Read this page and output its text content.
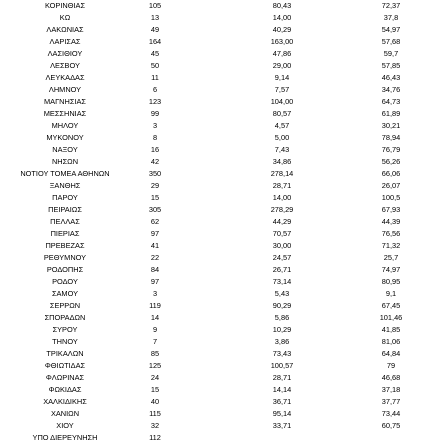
ΚΟΡΙΝΘΙΑΣ	105	80,43	72,37
ΚΩ	13	14,00	37,8
ΛΑΚΩΝΙΑΣ	49	40,29	54,97
ΛΑΡΙΣΑΣ	164	163,00	57,68
ΛΑΣΙΘΙΟΥ	45	47,86	59,7
ΛΕΣΒΟΥ	50	29,00	57,85
ΛΕΥΚΑΔΑΣ	11	9,14	46,43
ΛΗΜΝΟΥ	6	7,57	34,76
ΜΑΓΝΗΣΙΑΣ	123	104,00	64,73
ΜΕΣΣΗΝΙΑΣ	99	80,57	61,89
ΜΗΛΟΥ	3	4,57	30,21
ΜΥΚΟΝΟΥ	8	5,00	78,94
ΝΑΞΟΥ	16	7,43	76,79
ΝΗΣΩΝ	42	34,86	56,26
ΝΟΤΙΟΥ ΤΟΜΕΑ ΑΘΗΝΩΝ	350	278,14	66,06
ΞΑΝΘΗΣ	29	28,71	26,07
ΠΑΡΟΥ	15	14,00	100,5
ΠΕΙΡΑΙΩΣ	305	278,29	67,93
ΠΕΛΛΑΣ	62	44,29	44,39
ΠΙΕΡΙΑΣ	97	70,57	76,56
ΠΡΕΒΕΖΑΣ	41	30,00	71,32
ΡΕΘΥΜΝΟΥ	22	24,57	25,7
ΡΟΔΟΠΗΣ	84	26,71	74,97
ΡΟΔΟΥ	97	73,14	80,95
ΣΑΜΟΥ	3	5,43	9,1
ΣΕΡΡΩΝ	119	90,29	67,45
ΣΠΟΡΑΔΩΝ	14	5,86	101,46
ΣΥΡΟΥ	9	10,29	41,85
ΤΗΝΟΥ	7	3,86	81,06
ΤΡΙΚΑΛΩΝ	85	73,43	64,84
ΦΘΙΩΤΙΔΑΣ	125	100,57	79
ΦΛΩΡΙΝΑΣ	24	28,71	46,68
ΦΩΚΙΔΑΣ	15	14,14	37,18
ΧΑΛΚΙΔΙΚΗΣ	40	36,71	37,77
ΧΑΝΙΩΝ	115	95,14	73,44
ΧΙΟΥ	32	33,71	60,75
ΥΠΟ ΔΙΕΡΕΥΝΗΣΗ	112
